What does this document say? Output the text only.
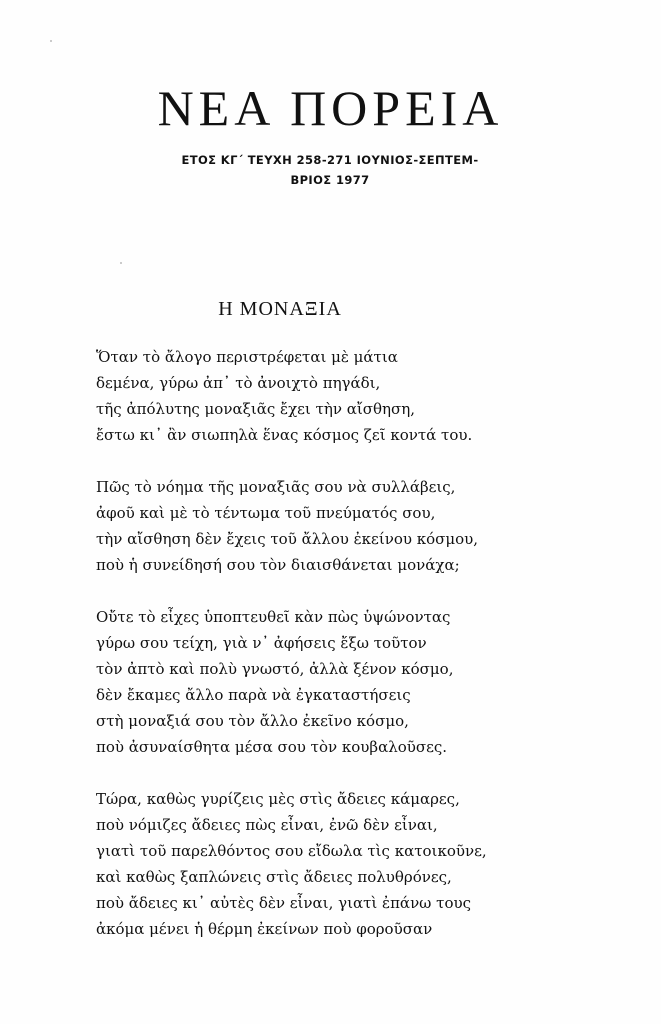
ΝΕΑ ΠΟΡΕΙΑ
ΕΤΟΣ ΚΓ΄ ΤΕΥΧΗ 258-271 ΙΟΥΝΙΟΣ-ΣΕΠΤΕΜ-
ΒΡΙΟΣ 1977
Η ΜΟΝΑΞΙΑ
Ὅταν τὸ ἄλογο περιστρέφεται μὲ μάτια
δεμένα, γύρω ἀπ᾿ τὸ ἀνοιχτὸ πηγάδι,
τῆς ἀπόλυτης μοναξιᾶς ἔχει τὴν αἴσθηση,
ἔστω κι᾿ ἂν σιωπηλὰ ἕνας κόσμος ζεῖ κοντά του.
Πῶς τὸ νόημα τῆς μοναξιᾶς σου νὰ συλλάβεις,
ἀφοῦ καὶ μὲ τὸ τέντωμα τοῦ πνεύματός σου,
τὴν αἴσθηση δὲν ἔχεις τοῦ ἄλλου ἐκείνου κόσμου,
ποὺ ἡ συνείδησή σου τὸν διαισθάνεται μονάχα;
Οὔτε τὸ εἶχες ὑποπτευθεῖ κὰν πὼς ὑψώνοντας
γύρω σου τείχη, γιὰ ν᾿ ἀφήσεις ἔξω τοῦτον
τὸν ἀπτὸ καὶ πολὺ γνωστό, ἀλλὰ ξένον κόσμο,
δὲν ἔκαμες ἄλλο παρὰ νὰ ἐγκαταστήσεις
στὴ μοναξιά σου τὸν ἄλλο ἐκεῖνο κόσμο,
ποὺ ἀσυναίσθητα μέσα σου τὸν κουβαλοῦσες.
Τώρα, καθὼς γυρίζεις μὲς στὶς ἄδειες κάμαρες,
ποὺ νόμιζες ἄδειες πὼς εἶναι, ἐνῶ δὲν εἶναι,
γιατὶ τοῦ παρελθόντος σου εἴδωλα τὶς κατοικοῦνε,
καὶ καθὼς ξαπλώνεις στὶς ἄδειες πολυθρόνες,
ποὺ ἄδειες κι᾿ αὐτὲς δὲν εἶναι, γιατὶ ἐπάνω τους
ἀκόμα μένει ἡ θέρμη ἐκείνων ποὺ φοροῦσαν
